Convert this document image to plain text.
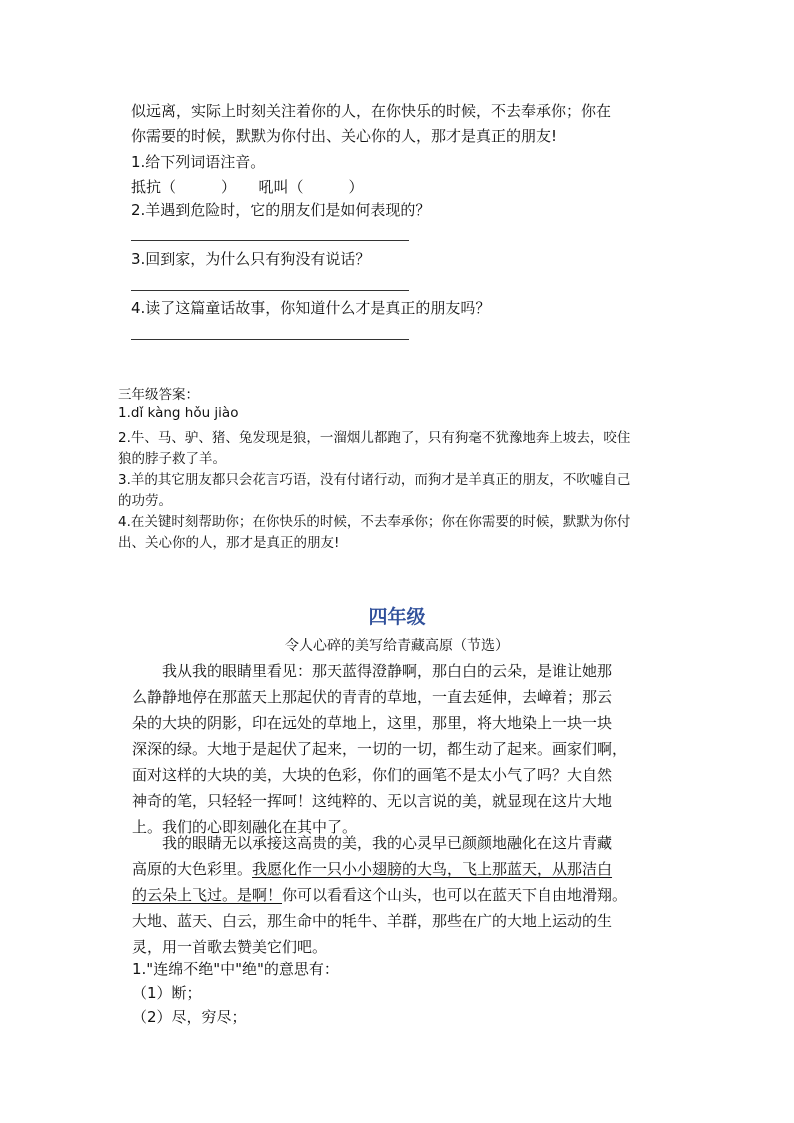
似远离，实际上时刻关注着你的人，在你快乐的时候，不去奉承你；你在
你需要的时候，默默为你付出、关心你的人，那才是真正的朋友!
1.给下列词语注音。
抵抗（　　　）　　吼叫（　　　）
2.羊遇到危险时，它的朋友们是如何表现的？
3.回到家，为什么只有狗没有说话？
4.读了这篇童话故事，你知道什么才是真正的朋友吗？
三年级答案：
1.dǐ kàng hǒu jiào
2.牛、马、驴、猪、兔发现是狼，一溜烟儿都跑了，只有狗毫不犹豫地奔上坡去，咬住
狼的脖子救了羊。
3.羊的其它朋友都只会花言巧语，没有付诸行动，而狗才是羊真正的朋友，不吹嘘自己
的功劳。
4.在关键时刻帮助你；在你快乐的时候，不去奉承你；你在你需要的时候，默默为你付
出、关心你的人，那才是真正的朋友!
四年级
令人心碎的美写给青藏高原（节选）
　　我从我的眼睛里看见：那天蓝得澄静啊，那白白的云朵，是谁让她那
么静静地停在那蓝天上那起伏的青青的草地，一直去延伸，去嶂着；那云
朵的大块的阴影，印在远处的草地上，这里，那里，将大地染上一块一块
深深的绿。大地于是起伏了起来，一切的一切，都生动了起来。画家们啊，
面对这样的大块的美，大块的色彩，你们的画笔不是太小气了吗？大自然
神奇的笔，只轻轻一挥呵！这纯粹的、无以言说的美，就显现在这片大地
上。我们的心即刻融化在其中了。
　　我的眼睛无以承接这高贵的美，我的心灵早已颜颜地融化在这片青藏
高原的大色彩里。我愿化作一只小小翅膀的大鸟，飞上那蓝天，从那洁白
的云朵上飞过。是啊！你可以看看这个山头，也可以在蓝天下自由地滑翔。
大地、蓝天、白云，那生命中的牦牛、羊群，那些在广的大地上运动的生
灵，用一首歌去赞美它们吧。
1."连绵不绝"中"绝"的意思有：
（1）断；
（2）尽，穷尽；
